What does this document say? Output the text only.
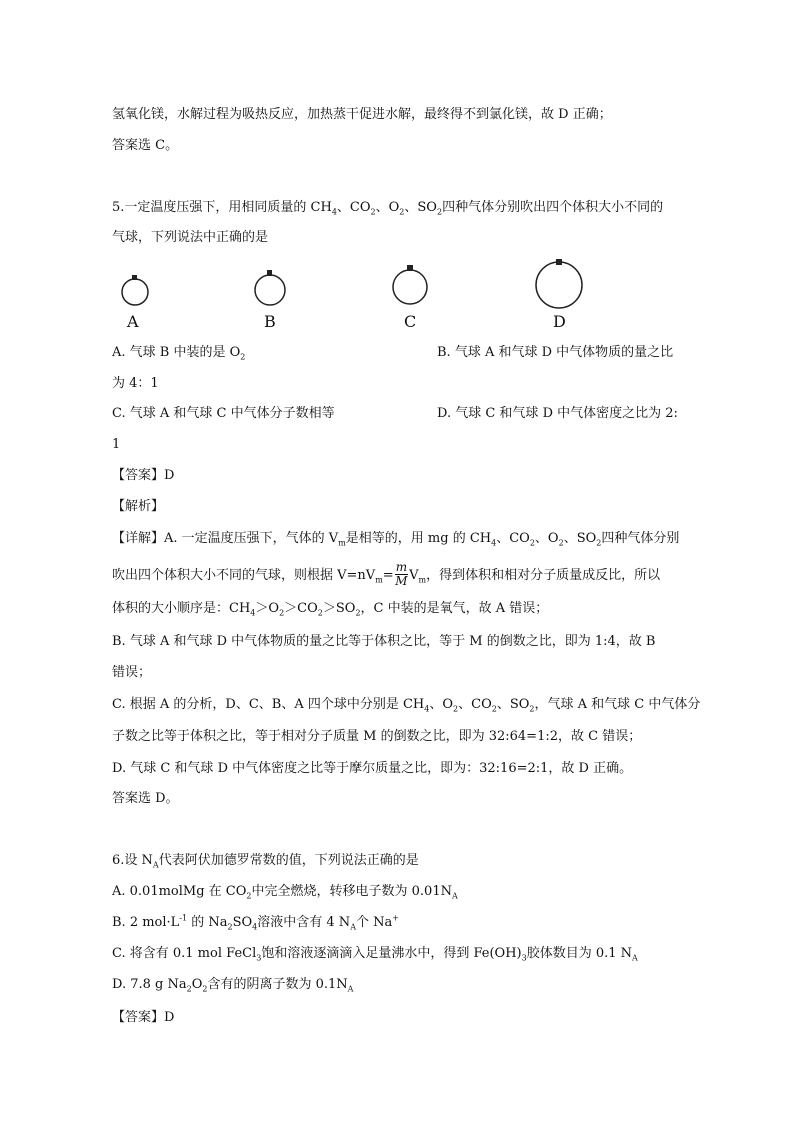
氢氧化镁，水解过程为吸热反应，加热蒸干促进水解，最终得不到氯化镁，故 D 正确；
答案选 C。
5.一定温度压强下，用相同质量的 $CH_4$、$CO_2$、$O_2$、$SO_2$四种气体分别吹出四个体积大小不同的
气球，下列说法中正确的是
A	B	C	D
A. 气球 B 中装的是 $O_2$	B. 气球 A 和气球 D 中气体物质的量之比
为 4：1
C. 气球 A 和气球 C 中气体分子数相等	D. 气球 C 和气球 D 中气体密度之比为 2:
1
【答案】D
【解析】
【详解】A. 一定温度压强下，气体的 $V_m$是相等的，用 mg 的 $CH_4$、$CO_2$、$O_2$、$SO_2$四种气体分别
吹出四个体积大小不同的气球，则根据 $V=nV_m= \frac{m}{M} V_m$，得到体积和相对分子质量成反比，所以
体积的大小顺序是：$CH_4>O_2>CO_2>SO_2$，C 中装的是氧气，故 A 错误；
B. 气球 A 和气球 D 中气体物质的量之比等于体积之比，等于 M 的倒数之比，即为 1:4，故 B
错误；
C. 根据 A 的分析，D、C、B、A 四个球中分别是 $CH_4$、$O_2$、$CO_2$、$SO_2$，气球 A 和气球 C 中气体分
子数之比等于体积之比，等于相对分子质量 M 的倒数之比，即为 32:64=1:2，故 C 错误；
D. 气球 C 和气球 D 中气体密度之比等于摩尔质量之比，即为：32:16=2:1，故 D 正确。
答案选 D。
6.设 $N_A$代表阿伏加德罗常数的值，下列说法正确的是
A. 0.01molMg 在 $CO_2$中完全燃烧，转移电子数为 $0.01N_A$
B. 2 $mol\cdot L^{-1}$ 的 $Na_2SO_4$溶液中含有 4 $N_A$个 Na+
C. 将含有 0.1 mol FeCl$_3$饱和溶液逐滴滴入足量沸水中，得到 $Fe(OH)_3$胶体数目为 0.1 $N_A$
D. 7.8 g $Na_2O_2$含有的阴离子数为 $0.1N_A$
【答案】D
